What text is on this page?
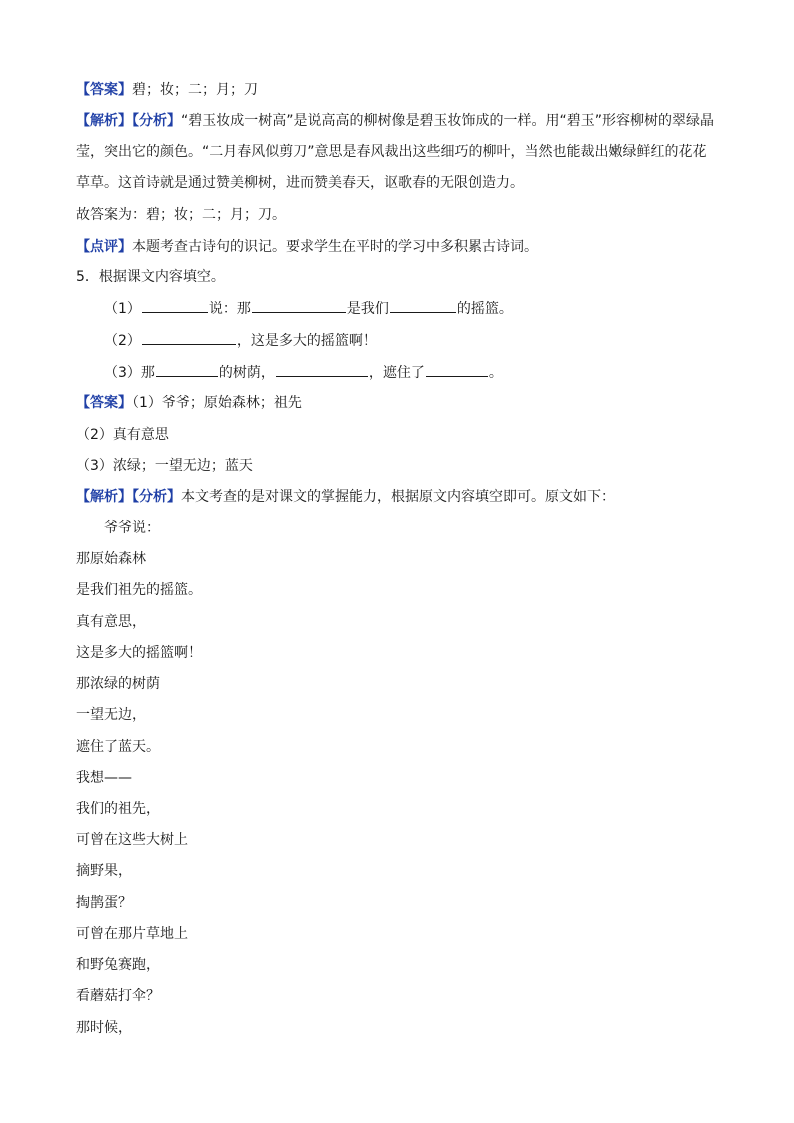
【答案】碧；妆；二；月；刀
【解析】【分析】“碧玉妆成一树高”是说高高的柳树像是碧玉妆饰成的一样。用“碧玉”形容柳树的翠绿晶莹，突出它的颜色。“二月春风似剪刀”意思是春风裁出这些细巧的柳叶，当然也能裁出嫩绿鲜红的花花草草。这首诗就是通过赞美柳树，进而赞美春天，讴歌春的无限创造力。
故答案为：碧；妆；二；月；刀。
【点评】本题考查古诗句的识记。要求学生在平时的学习中多积累古诗词。
5．根据课文内容填空。
（1）	说：那	是我们	的摇篮。
（2）	，这是多大的摇篮啊！
（3）那	的树荫，	，遮住了	。
【答案】（1）爷爷；原始森林；祖先
（2）真有意思
（3）浓绿；一望无边；蓝天
【解析】【分析】本文考查的是对课文的掌握能力，根据原文内容填空即可。原文如下：
爷爷说：
那原始森林
是我们祖先的摇篮。
真有意思，
这是多大的摇篮啊！
那浓绿的树荫
一望无边，
遮住了蓝天。
我想——
我们的祖先，
可曾在这些大树上
摘野果，
掏鹊蛋？
可曾在那片草地上
和野兔赛跑，
看蘑菇打伞？
那时候，
